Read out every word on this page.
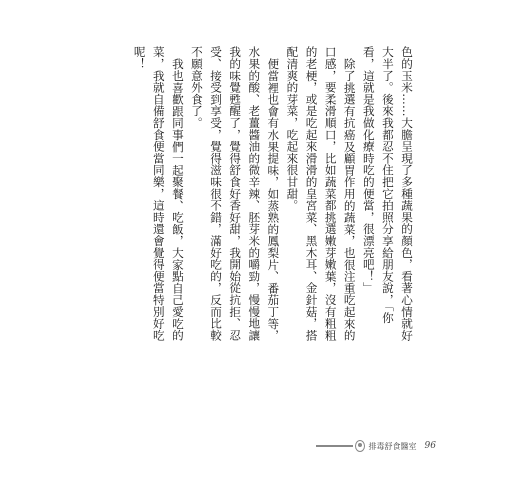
色的玉米……大膽呈現了多種蔬果的顏色，看著心情就好大半了。後來我都忍不住把它拍照分享給朋友說，「你看，這就是我做化療時吃的便當，很漂亮吧！」

除了挑選有抗癌及顧胃作用的蔬菜，也很注重吃起來的口感，要柔滑順口，比如蔬菜都挑選嫩芽嫩葉，沒有粗粗的老梗，或是吃起來滑滑的皇宮菜、黑木耳、金針菇，搭配清爽的芽菜，吃起來很甘甜。

便當裡也會有水果提味，如蒸熟的鳳梨片、番茄丁等，水果的酸、老薑醬油的微辛辣、胚芽米的嚼勁，慢慢地讓我的味覺甦醒了，覺得舒食好香好甜，我開始從抗拒、忍受、接受到享受，覺得滋味很不錯，滿好吃的，反而比較不願意外食了。

我也喜歡跟同事們一起聚餐、吃飯，大家點自己愛吃的菜，我就自備舒食便當同樂，這時還會覺得便當特別好吃呢！

排毒舒食醫室 96
